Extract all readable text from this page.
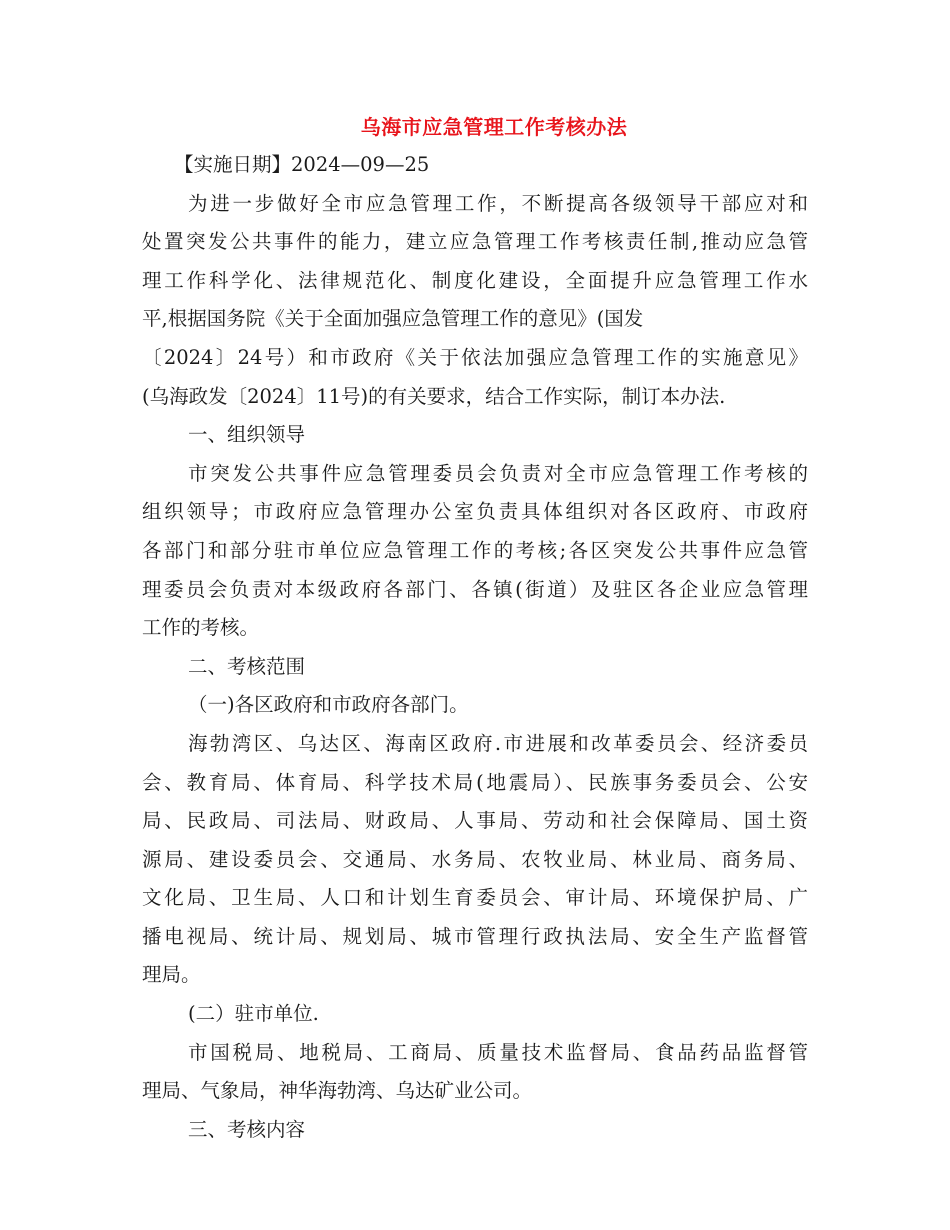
乌海市应急管理工作考核办法

【实施日期】2024—09—25

为进一步做好全市应急管理工作，不断提高各级领导干部应对和

处置突发公共事件的能力，建立应急管理工作考核责任制,推动应急管

理工作科学化、法律规范化、制度化建设，全面提升应急管理工作水

平,根据国务院《关于全面加强应急管理工作的意见》(国发

〔2024〕24号）和市政府《关于依法加强应急管理工作的实施意见》

(乌海政发〔2024〕11号)的有关要求，结合工作实际，制订本办法.

一、组织领导

市突发公共事件应急管理委员会负责对全市应急管理工作考核的

组织领导；市政府应急管理办公室负责具体组织对各区政府、市政府

各部门和部分驻市单位应急管理工作的考核;各区突发公共事件应急管

理委员会负责对本级政府各部门、各镇(街道）及驻区各企业应急管理

工作的考核。

二、考核范围

（一)各区政府和市政府各部门。

海勃湾区、乌达区、海南区政府.市进展和改革委员会、经济委员

会、教育局、体育局、科学技术局(地震局）、民族事务委员会、公安

局、民政局、司法局、财政局、人事局、劳动和社会保障局、国土资

源局、建设委员会、交通局、水务局、农牧业局、林业局、商务局、

文化局、卫生局、人口和计划生育委员会、审计局、环境保护局、广

播电视局、统计局、规划局、城市管理行政执法局、安全生产监督管

理局。

(二）驻市单位.

市国税局、地税局、工商局、质量技术监督局、食品药品监督管

理局、气象局，神华海勃湾、乌达矿业公司。

三、考核内容
